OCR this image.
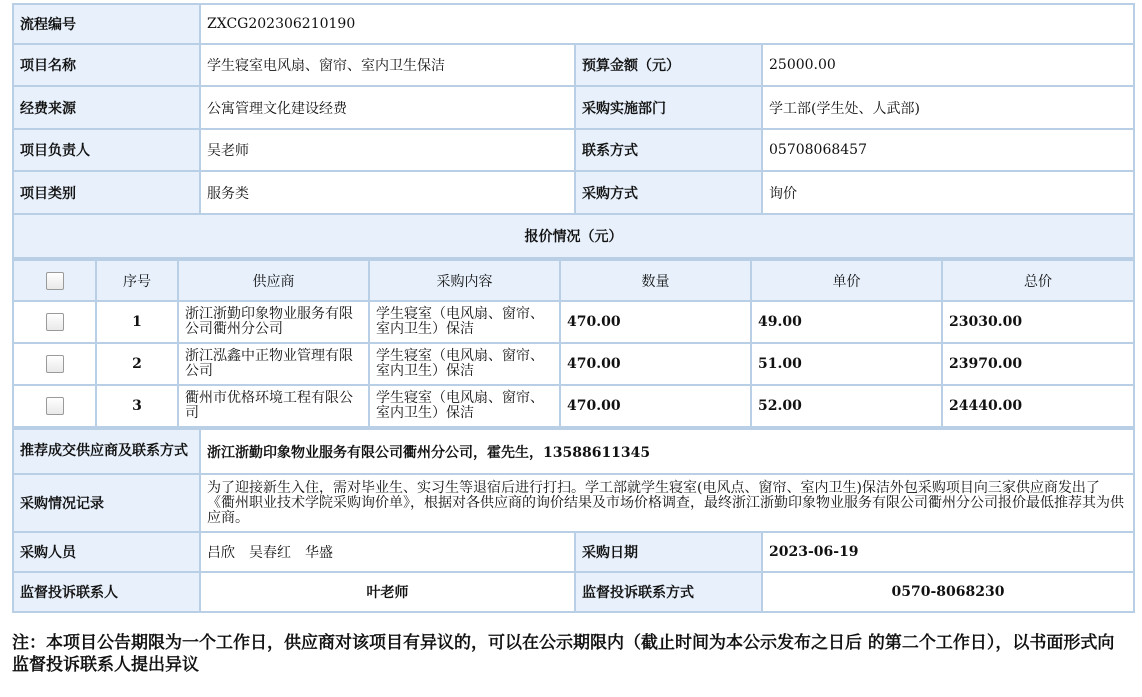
流程编号	ZXCG202306210190		
项目名称	学生寝室电风扇、窗帘、室内卫生保洁	预算金额（元）	25000.00
经费来源	公寓管理文化建设经费	采购实施部门	学工部(学生处、人武部)
项目负责人	吴老师	联系方式	05708068457
项目类别	服务类	采购方式	询价
报价情况（元）			
	序号	供应商	采购内容	数量	单价	总价
	1	浙江浙勤印象物业服务有限公司衢州分公司	学生寝室（电风扇、窗帘、室内卫生）保洁	470.00	49.00	23030.00
	2	浙江泓鑫中正物业管理有限公司	学生寝室（电风扇、窗帘、室内卫生）保洁	470.00	51.00	23970.00
	3	衢州市优格环境工程有限公司	学生寝室（电风扇、窗帘、室内卫生）保洁	470.00	52.00	24440.00
推荐成交供应商及联系方式	浙江浙勤印象物业服务有限公司衢州分公司，霍先生，13588611345		
采购情况记录	为了迎接新生入住，需对毕业生、实习生等退宿后进行打扫。学工部就学生寝室(电风点、窗帘、室内卫生)保洁外包采购项目向三家供应商发出了《衢州职业技术学院采购询价单》，根据对各供应商的询价结果及市场价格调查，最终浙江浙勤印象物业服务有限公司衢州分公司报价最低推荐其为供应商。		
采购人员	吕欣　吴春红　华盛	采购日期	2023-06-19
监督投诉联系人	叶老师	监督投诉联系方式	0570-8068230
注：本项目公告期限为一个工作日，供应商对该项目有异议的，可以在公示期限内（截止时间为本公示发布之日后 的第二个工作日），以书面形式向监督投诉联系人提出异议
